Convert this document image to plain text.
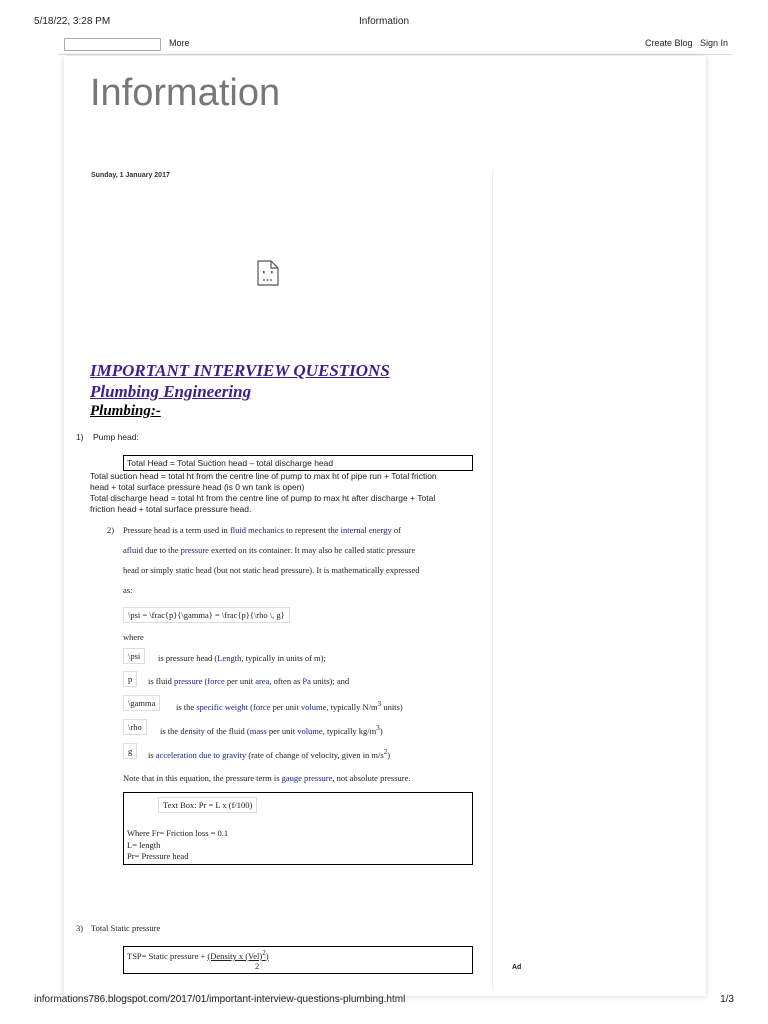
5/18/22, 3:28 PM	Information
More	Create Blog Sign In
Information
Sunday, 1 January 2017
IMPORTANT INTERVIEW QUESTIONS
Plumbing Engineering
Plumbing:-
1) Pump head:
Total Head = Total Suction head – total discharge head
Total suction head = total ht from the centre line of pump to max ht of pipe run + Total friction
head + total surface pressure head (is 0 wn tank is open)
Total discharge head = total ht from the centre line of pump to max ht after discharge + Total
friction head + total surface pressure head.
2) Pressure head is a term used in fluid mechanics to represent the internal energy of
afluid due to the pressure exerted on its container. It may also be called static pressure
head or simply static head (but not static head pressure). It is mathematically expressed
as:
\psi = \frac{p}{\gamma} = \frac{p}{\rho \, g}
where
\psi	is pressure head (Length, typically in units of m);
p	is fluid pressure (force per unit area, often as Pa units); and
\gamma	is the specific weight (force per unit volume, typically $N/m^3$ units)
\rho	is the density of the fluid (mass per unit volume, typically $kg/m^3$)
g	is acceleration due to gravity (rate of change of velocity, given in $m/s^2$)
Note that in this equation, the pressure term is gauge pressure, not absolute pressure.
Text Box: Pr = L x (f/100)
Where Fr= Friction loss = 0.1
L= length
Pr= Pressure head
3) Total Static pressure
TSP= Static pressure + (Density x (Vel)$^2$)
2	Ad
informations786.blogspot.com/2017/01/important-interview-questions-plumbing.html	1/3
